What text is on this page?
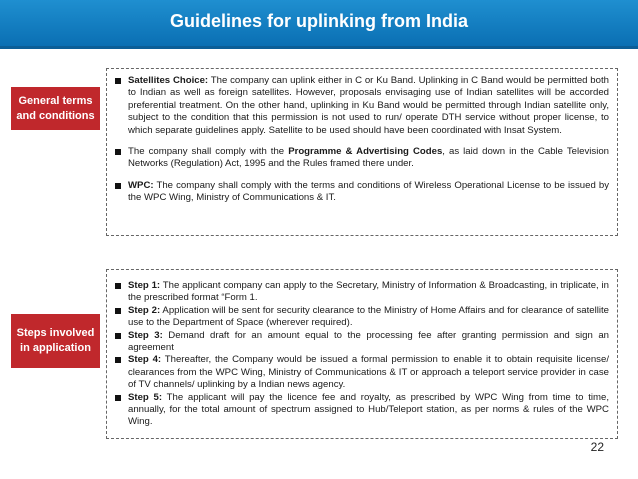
Guidelines for uplinking from India
General terms
and conditions
Satellites Choice: The company can uplink either in C or Ku Band. Uplinking in C Band would be permitted both to Indian as well as foreign satellites. However, proposals envisaging use of Indian satellites will be accorded preferential treatment. On the other hand, uplinking in Ku Band would be permitted through Indian satellite only, subject to the condition that this permission is not used to run/ operate DTH service without proper license, to which separate guidelines apply. Satellite to be used should have been coordinated with Insat System.
The company shall comply with the Programme & Advertising Codes, as laid down in the Cable Television Networks (Regulation) Act, 1995 and the Rules framed there under.
WPC: The company shall comply with the terms and conditions of Wireless Operational License to be issued by the WPC Wing, Ministry of Communications & IT.
Steps involved
in application
Step 1: The applicant company can apply to the Secretary, Ministry of Information & Broadcasting, in triplicate, in the prescribed format “Form 1.
Step 2: Application will be sent for security clearance to the Ministry of Home Affairs and for clearance of satellite use to the Department of Space (wherever required).
Step 3: Demand draft for an amount equal to the processing fee after granting permission and sign an agreement
Step 4: Thereafter, the Company would be issued a formal permission to enable it to obtain requisite license/ clearances from the WPC Wing, Ministry of Communications & IT or approach a teleport service provider in case of TV channels/ uplinking by a Indian news agency.
Step 5: The applicant will pay the licence fee and royalty, as prescribed by WPC Wing from time to time, annually, for the total amount of spectrum assigned to Hub/Teleport station, as per norms & rules of the WPC Wing.
22
